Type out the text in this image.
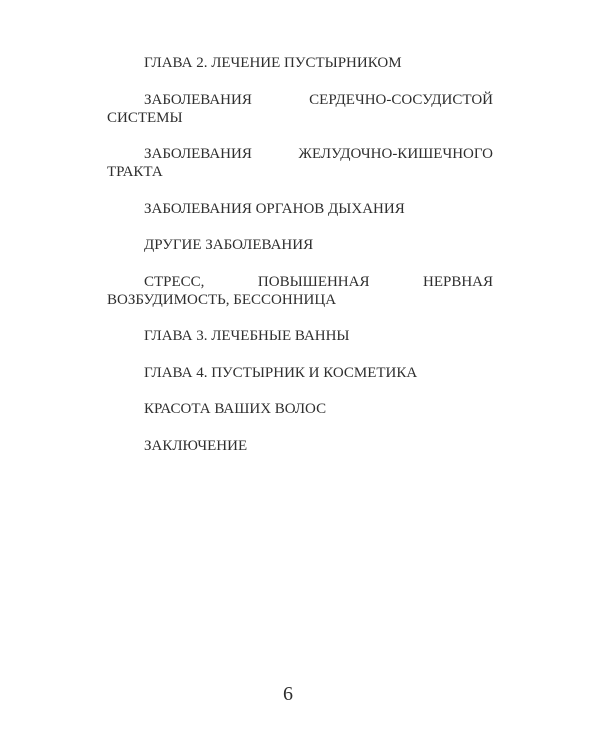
ГЛАВА 2. ЛЕЧЕНИЕ ПУСТЫРНИКОМ
ЗАБОЛЕВАНИЯ СЕРДЕЧНО-СОСУДИСТОЙ
СИСТЕМЫ
ЗАБОЛЕВАНИЯ ЖЕЛУДОЧНО-КИШЕЧНОГО
ТРАКТА
ЗАБОЛЕВАНИЯ ОРГАНОВ ДЫХАНИЯ
ДРУГИЕ ЗАБОЛЕВАНИЯ
СТРЕСС, ПОВЫШЕННАЯ НЕРВНАЯ
ВОЗБУДИМОСТЬ, БЕССОННИЦА
ГЛАВА 3. ЛЕЧЕБНЫЕ ВАННЫ
ГЛАВА 4. ПУСТЫРНИК И КОСМЕТИКА
КРАСОТА ВАШИХ ВОЛОС
ЗАКЛЮЧЕНИЕ
6
